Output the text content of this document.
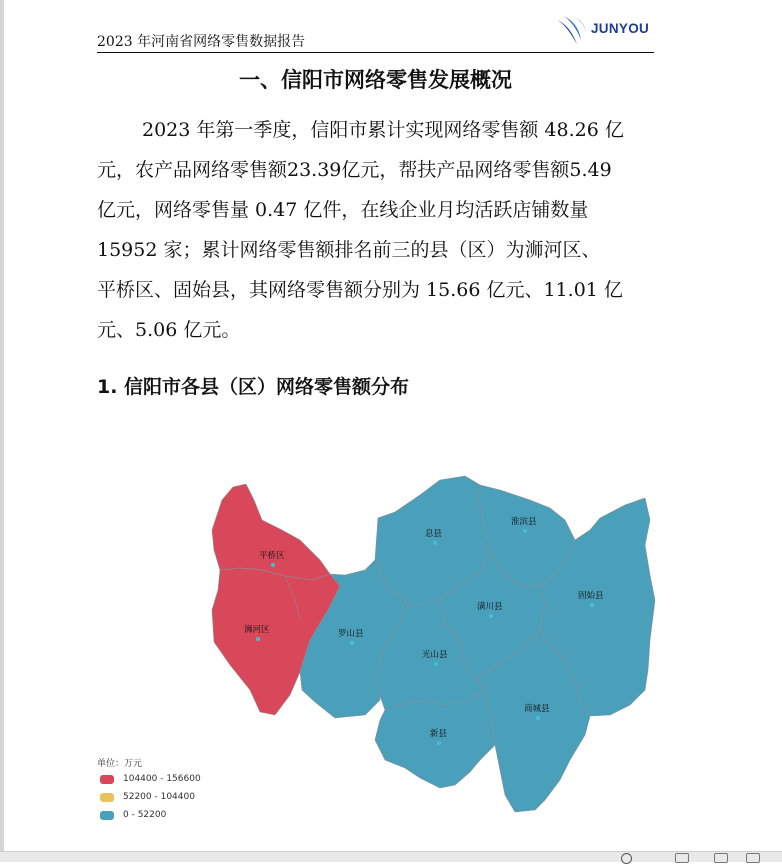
2023 年河南省网络零售数据报告
JUNYOU
一、信阳市网络零售发展概况
2023 年第一季度，信阳市累计实现网络零售额 48.26 亿
元，农产品网络零售额23.39亿元，帮扶产品网络零售额5.49
亿元，网络零售量 0.47 亿件，在线企业月均活跃店铺数量
15952 家；累计网络零售额排名前三的县（区）为浉河区、
平桥区、固始县，其网络零售额分别为 15.66 亿元、11.01 亿
元、5.06 亿元。
1. 信阳市各县（区）网络零售额分布
平桥区
浉河区	罗山县
息县
淮滨县
潢川县
光山县
固始县
商城县
新县
单位：万元
104400 - 156600
52200 - 104400
0 - 52200
